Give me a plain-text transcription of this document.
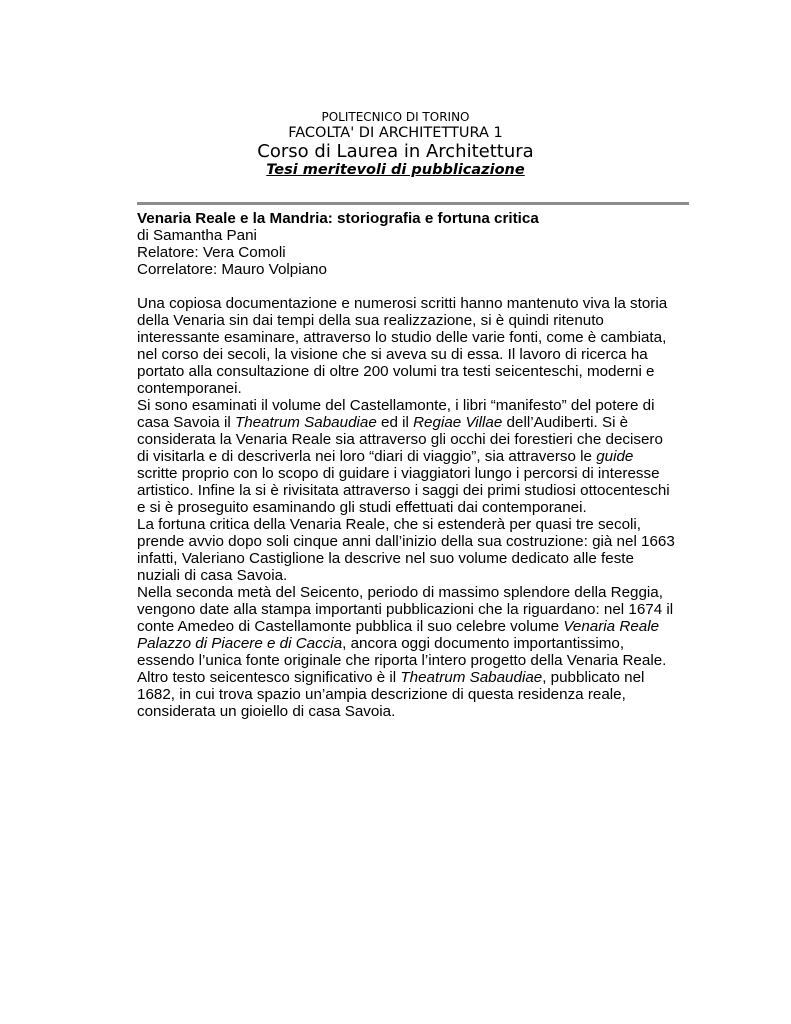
POLITECNICO DI TORINO
FACOLTA' DI ARCHITETTURA 1
Corso di Laurea in Architettura
Tesi meritevoli di pubblicazione
Venaria Reale e la Mandria: storiografia e fortuna critica
di Samantha Pani
Relatore: Vera Comoli
Correlatore: Mauro Volpiano
Una copiosa documentazione e numerosi scritti hanno mantenuto viva la storia
della Venaria sin dai tempi della sua realizzazione, si è quindi ritenuto
interessante esaminare, attraverso lo studio delle varie fonti, come è cambiata,
nel corso dei secoli, la visione che si aveva su di essa. Il lavoro di ricerca ha
portato alla consultazione di oltre 200 volumi tra testi seicenteschi, moderni e
contemporanei.
Si sono esaminati il volume del Castellamonte, i libri “manifesto” del potere di
casa Savoia il Theatrum Sabaudiae ed il Regiae Villae dell’Audiberti. Si è
considerata la Venaria Reale sia attraverso gli occhi dei forestieri che decisero
di visitarla e di descriverla nei loro “diari di viaggio”, sia attraverso le guide
scritte proprio con lo scopo di guidare i viaggiatori lungo i percorsi di interesse
artistico. Infine la si è rivisitata attraverso i saggi dei primi studiosi ottocenteschi
e si è proseguito esaminando gli studi effettuati dai contemporanei.
La fortuna critica della Venaria Reale, che si estenderà per quasi tre secoli,
prende avvio dopo soli cinque anni dall’inizio della sua costruzione: già nel 1663
infatti, Valeriano Castiglione la descrive nel suo volume dedicato alle feste
nuziali di casa Savoia.
Nella seconda metà del Seicento, periodo di massimo splendore della Reggia,
vengono date alla stampa importanti pubblicazioni che la riguardano: nel 1674 il
conte Amedeo di Castellamonte pubblica il suo celebre volume Venaria Reale
Palazzo di Piacere e di Caccia, ancora oggi documento importantissimo,
essendo l’unica fonte originale che riporta l’intero progetto della Venaria Reale.
Altro testo seicentesco significativo è il Theatrum Sabaudiae, pubblicato nel
1682, in cui trova spazio un’ampia descrizione di questa residenza reale,
considerata un gioiello di casa Savoia.
